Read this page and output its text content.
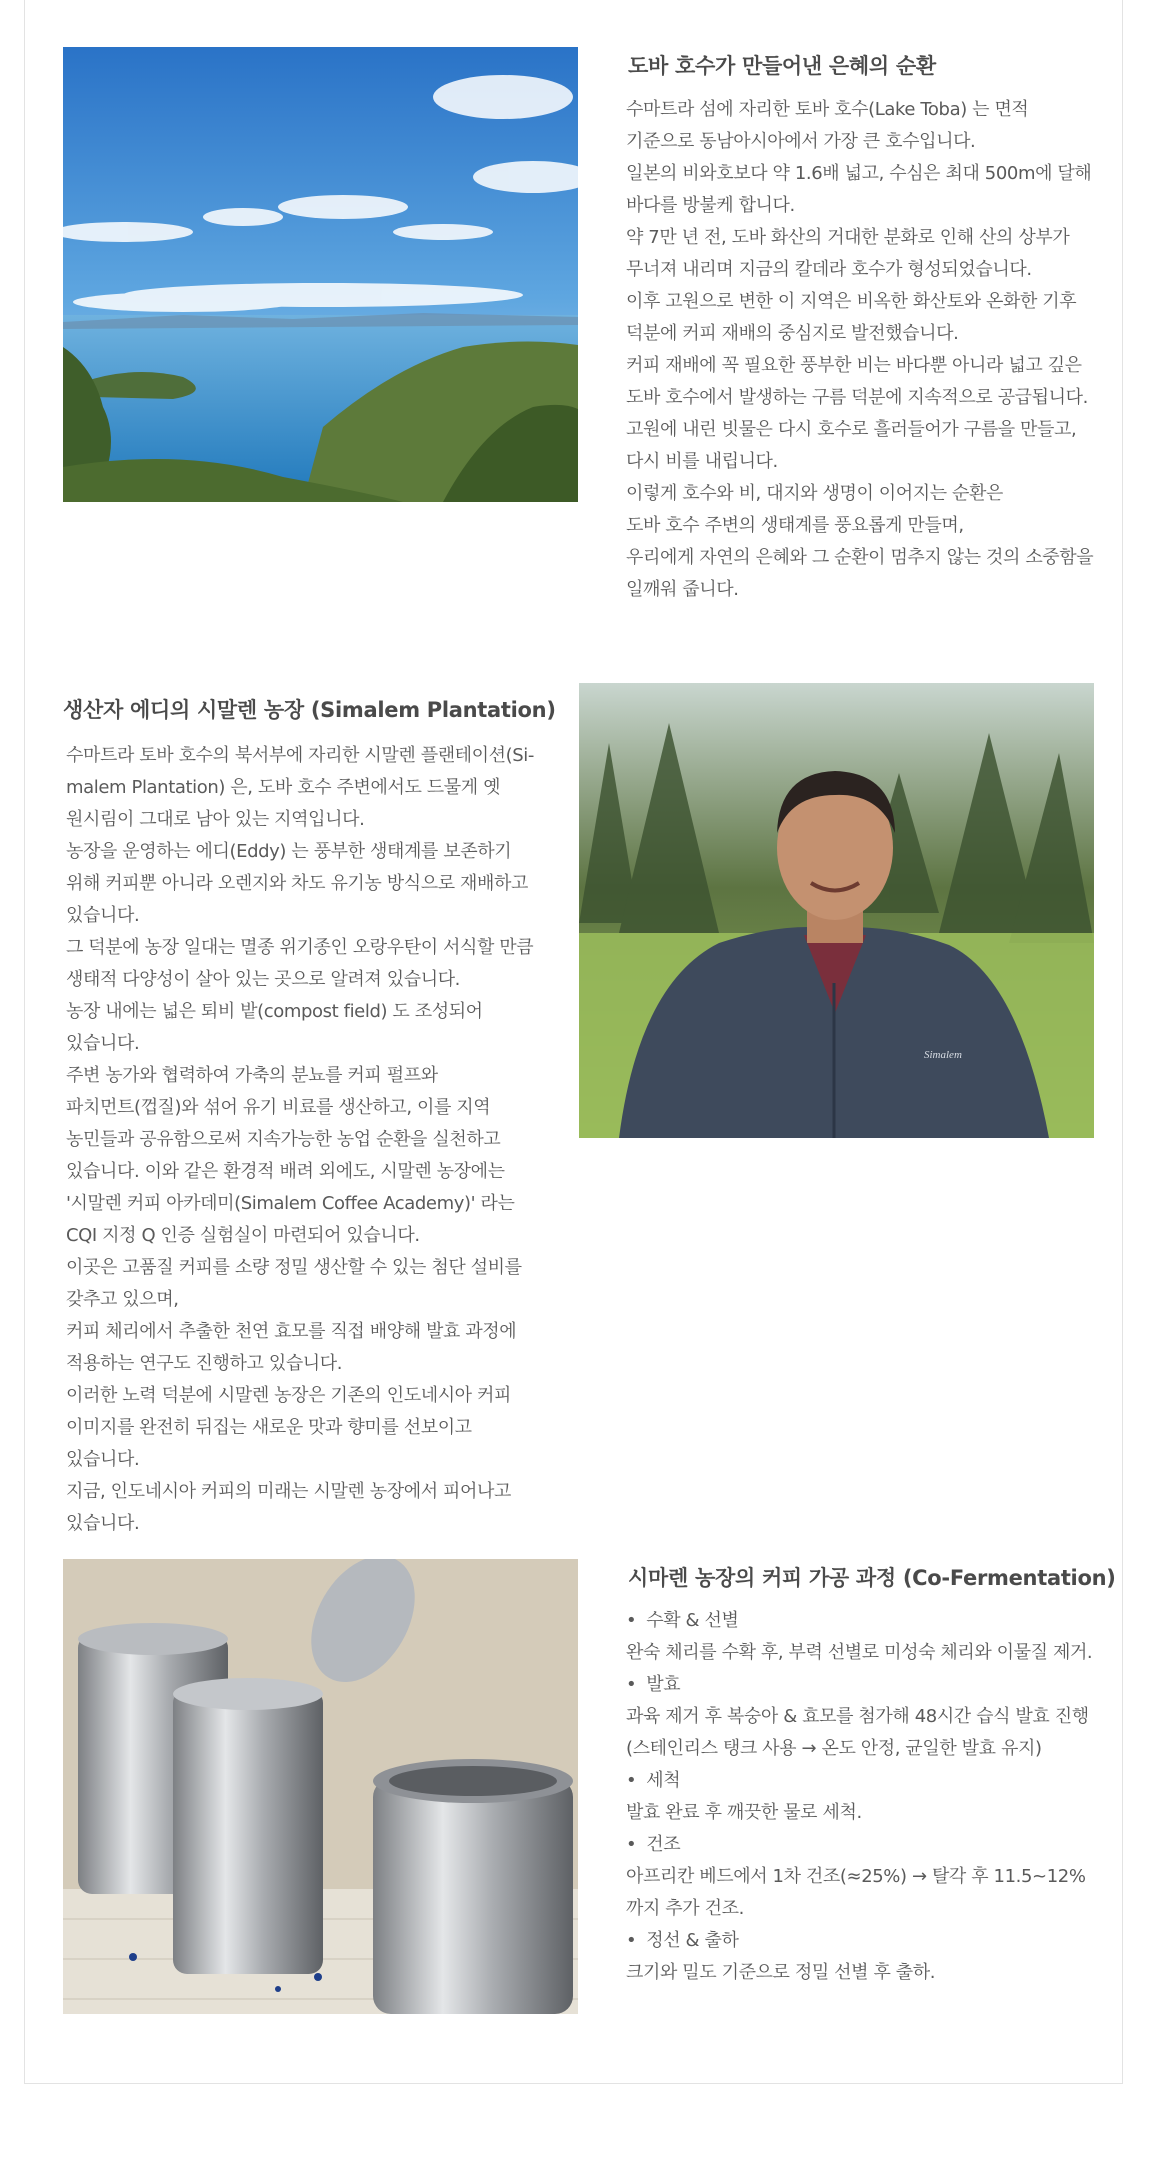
도바 호수가 만들어낸 은혜의 순환
수마트라 섬에 자리한 토바 호수(Lake Toba) 는 면적
기준으로 동남아시아에서 가장 큰 호수입니다.
일본의 비와호보다 약 1.6배 넓고, 수심은 최대 500m에 달해
바다를 방불케 합니다.
약 7만 년 전, 도바 화산의 거대한 분화로 인해 산의 상부가
무너져 내리며 지금의 칼데라 호수가 형성되었습니다.
이후 고원으로 변한 이 지역은 비옥한 화산토와 온화한 기후
덕분에 커피 재배의 중심지로 발전했습니다.
커피 재배에 꼭 필요한 풍부한 비는 바다뿐 아니라 넓고 깊은
도바 호수에서 발생하는 구름 덕분에 지속적으로 공급됩니다.
고원에 내린 빗물은 다시 호수로 흘러들어가 구름을 만들고,
다시 비를 내립니다.
이렇게 호수와 비, 대지와 생명이 이어지는 순환은
도바 호수 주변의 생태계를 풍요롭게 만들며,
우리에게 자연의 은혜와 그 순환이 멈추지 않는 것의 소중함을
일깨워 줍니다.
생산자 에디의 시말렌 농장 (Simalem Plantation)
수마트라 토바 호수의 북서부에 자리한 시말렌 플랜테이션(Si-
malem Plantation) 은, 도바 호수 주변에서도 드물게 옛
원시림이 그대로 남아 있는 지역입니다.
농장을 운영하는 에디(Eddy) 는 풍부한 생태계를 보존하기
위해 커피뿐 아니라 오렌지와 차도 유기농 방식으로 재배하고
있습니다.
그 덕분에 농장 일대는 멸종 위기종인 오랑우탄이 서식할 만큼
생태적 다양성이 살아 있는 곳으로 알려져 있습니다.
농장 내에는 넓은 퇴비 밭(compost field) 도 조성되어
있습니다.
주변 농가와 협력하여 가축의 분뇨를 커피 펄프와
파치먼트(껍질)와 섞어 유기 비료를 생산하고, 이를 지역
농민들과 공유함으로써 지속가능한 농업 순환을 실천하고
있습니다. 이와 같은 환경적 배려 외에도, 시말렌 농장에는
'시말렌 커피 아카데미(Simalem Coffee Academy)' 라는
CQI 지정 Q 인증 실험실이 마련되어 있습니다.
이곳은 고품질 커피를 소량 정밀 생산할 수 있는 첨단 설비를
갖추고 있으며,
커피 체리에서 추출한 천연 효모를 직접 배양해 발효 과정에
적용하는 연구도 진행하고 있습니다.
이러한 노력 덕분에 시말렌 농장은 기존의 인도네시아 커피
이미지를 완전히 뒤집는 새로운 맛과 향미를 선보이고
있습니다.
지금, 인도네시아 커피의 미래는 시말렌 농장에서 피어나고
있습니다.
Simalem
시마렌 농장의 커피 가공 과정 (Co-Fermentation)
• 수확 & 선별
완숙 체리를 수확 후, 부력 선별로 미성숙 체리와 이물질 제거.
• 발효
과육 제거 후 복숭아 & 효모를 첨가해 48시간 습식 발효 진행
(스테인리스 탱크 사용 → 온도 안정, 균일한 발효 유지)
• 세척
발효 완료 후 깨끗한 물로 세척.
• 건조
아프리칸 베드에서 1차 건조(≈25%) → 탈각 후 11.5~12%
까지 추가 건조.
• 정선 & 출하
크기와 밀도 기준으로 정밀 선별 후 출하.
